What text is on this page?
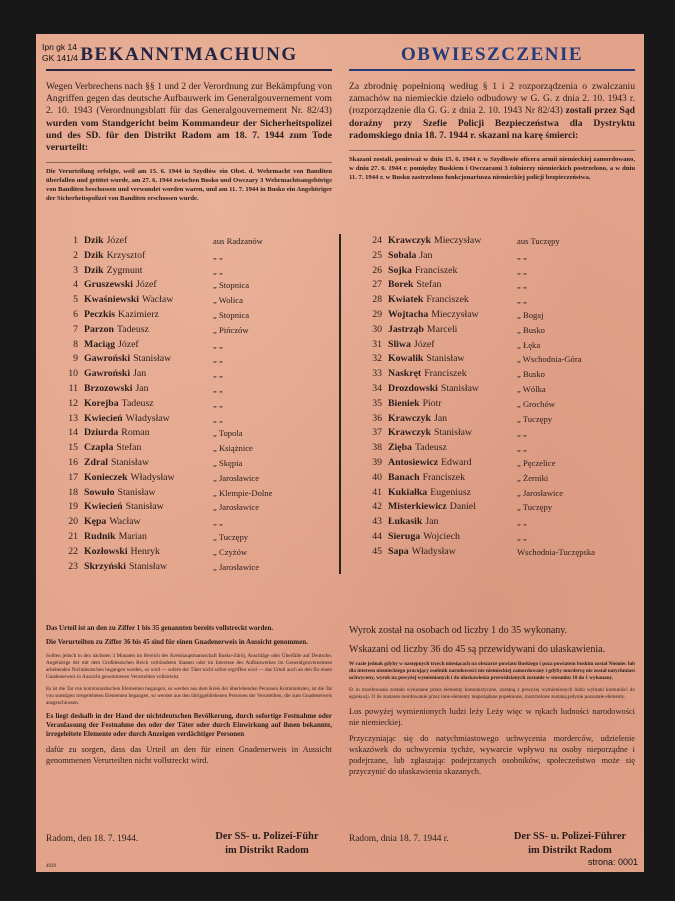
Ipn gk 14
GK 141/4 BEKANNTMACHUNG
Wegen Verbrechens nach §§ 1 und 2 der Verordnung zur Bekämpfung von Angriffen gegen das deutsche Aufbauwerk im Generalgouvernement vom 2. 10. 1943 (Verordnungsblatt für das Generalgouvernement Nr. 82/43) wurden vom Standgericht beim Kommandeur der Sicherheitspolizei und des SD. für den Distrikt Radom am 18. 7. 1944 zum Tode verurteilt:
Die Verurteilung erfolgte, weil am 15. 6. 1944 in Szydłów ein Obst. d. Wehrmacht von Banditen überfallen und getötet wurde, am 27. 6. 1944 zwischen Busko und Owczary 3 Wehrmachtsangehörige von Banditen beschossen und verwundet worden waren, und am 11. 7. 1944 in Busko ein Angehöriger der Sicherheitspolizei von Banditen erschossen wurde.
OBWIESZCZENIE
Za zbrodnię popełnioną według § 1 i 2 rozporządzenia o zwalczaniu zamachów na niemieckie dzieło odbudowy w G. G. z dnia 2. 10. 1943 r. (rozporządzenie dla G. G. z dnia 2. 10. 1943 Nr 82/43) zostali przez Sąd doraźny przy Szefie Policji Bezpieczeństwa dla Dystryktu radomskiego dnia 18. 7. 1944 r. skazani na karę śmierci:
Skazani zostali, ponieważ w dniu 15. 6. 1944 r. w Szydłowie oficera armii niemieckiej zamordowano, w dniu 27. 6. 1944 r. pomiędzy Buskiem i Owczarami 3 żołnierzy niemieckich postrzelono, a w dniu 11. 7. 1944 r. w Busku zastrzelono funkcjonariusza niemieckiej policji bezpieczeństwa.
1 Dzik Józef	aus Radzanów
2 Dzik Krzysztof	„ „
3 Dzik Zygmunt	„ „
4 Gruszewski Józef	„ Stopnica
5 Kwaśniewski Wacław	„ Wolica
6 Peczkis Kazimierz	„ Stopnica
7 Parzon Tadeusz	„ Pińczów
8 Maciąg Józef	„ „
9 Gawroński Stanisław	„ „
10 Gawroński Jan	„ „
11 Brzozowski Jan	„ „
12 Korejba Tadeusz	„ „
13 Kwiecień Władysław	„ „
14 Dziurda Roman	„ Topola
15 Czapla Stefan	„ Książnice
16 Zdral Stanisław	„ Skępia
17 Konieczek Władysław	„ Jarosławice
18 Sowuło Stanisław	„ Klempie-Dolne
19 Kwiecień Stanisław	„ Jarosławice
20 Kępa Wacław	„ „
21 Rudnik Marian	„ Tuczępy
22 Kozłowski Henryk	„ Czyżów
23 Skrzyński Stanisław	„ Jarosławice
24 Krawczyk Mieczysław	aus Tuczępy
25 Sobala Jan	„ „
26 Sojka Franciszek	„ „
27 Borek Stefan	„ „
28 Kwiatek Franciszek	„ „
29 Wojtacha Mieczysław	„ Bogaj
30 Jastrząb Marceli	„ Busko
31 Sliwa Józef	„ Łęka
32 Kowalik Stanisław	„ Wschodnia-Góra
33 Naskręt Franciszek	„ Busko
34 Drozdowski Stanisław	„ Wólka
35 Bieniek Piotr	„ Grochów
36 Krawczyk Jan	„ Tuczępy
37 Krawczyk Stanisław	„ „
38 Zięba Tadeusz	„ „
39 Antosiewicz Edward	„ Pęczelice
40 Banach Franciszek	„ Żerniki
41 Kukiałka Eugeniusz	„ Jarosławice
42 Misterkiewicz Daniel	„ Tuczępy
43 Łukasik Jan	„ „
44 Sieruga Wojciech	„ „
45 Sapa Władysław	Wschodnia-Tuczępska

Das Urteil ist an den zu Ziffer 1 bis 35 genannten bereits vollstreckt worden.

Die Verurteilten zu Ziffer 36 bis 45 sind für einen Gnadenerweis in Aussicht genommen.

Sollten jedoch in den nächsten 3 Monaten im Bereich des Kreishauptmannschaft Busko-Zdrój, Anschläge oder Überfälle auf Deutsche, Angehörige der mit dem Großdeutschen Reich verbündeten Staaten oder im Interesse des Aufbauwerkes im Generalgouvernement arbeitenden Nichtdeutschen begangen werden, so wird — sofern der Täter nicht sofort ergriffen wird — das Urteil auch an den für einen Gnadenerweis in Aussicht genommenen Verurteilten vollstreckt.

Es ist die Tat von kommunistischen Elementen begangen, so werden aus dem Kreis der überlebenden Personen Kommunisten, ist die Tat von sonstigen irregeleiteten Elementen begangen, so werden aus den übriggebliebenen Personen der Verurteilten, die zum Gnadenerweis ausgeschlossen.

Es liegt deshalb in der Hand der nichtdeutschen Bevölkerung, durch sofortige Festnahme oder Veranlassung der Festnahme des oder der Täter oder durch Einwirkung auf ihnen bekannte, irregeleitete Elemente oder durch Anzeigen verdächtiger Personen

dafür zu sorgen, dass das Urteil an den für einen Gnadenerweis in Aussicht genommenen Verurteilten nicht vollstreckt wird.

Wyrok został na osobach od liczby 1 do 35 wykonany.

Wskazani od liczby 36 do 45 są przewidywani do ułaskawienia.

W razie jednak gdyby w następnych trzech miesiącach na obszarze powiatu Buskiego i poza powiatem buskim został Niemiec lub dla interesu niemieckiego pracujący osobnik narodowości nie niemieckiej zamordowany i gdyby mordercę nie został natychmiast uchwycony, wyrok na powyżej wymienionych i do ułaskawienia przewidzianych zostanie w stosunku 10 do 1 wykonany.

Et in mordowania zostało wykonane przez elementy komunistyczne, zostaną z powyżej wymienionych ludzi wybrani komuniści do egzekucji. O ile zostanie mordowanie przez inne elementy niepożądane popełnione, rozstrzelone zostaną jedynie pozostałe elementy.

Los powyżej wymienionych ludzi leży Leży więc w rękach ludności narodowości nie niemieckiej.

Przyczyniając się do natychmiastowego uchwycenia morderców, udzielenie wskazówek do uchwycenia tychże, wywarcie wpływu na osoby nieporządne i podejrzane, lub zgłaszając podejrzanych osobników, społeczeństwo może się przyczynić do ułaskawienia skazanych.

Radom, den 18. 7. 1944.	Der SS- u. Polizei-Führ
im Distrikt Radom
4039
Radom, dnia 18. 7. 1944 r.	Der SS- u. Polizei-Führer
im Distrikt Radom
strona: 0001
